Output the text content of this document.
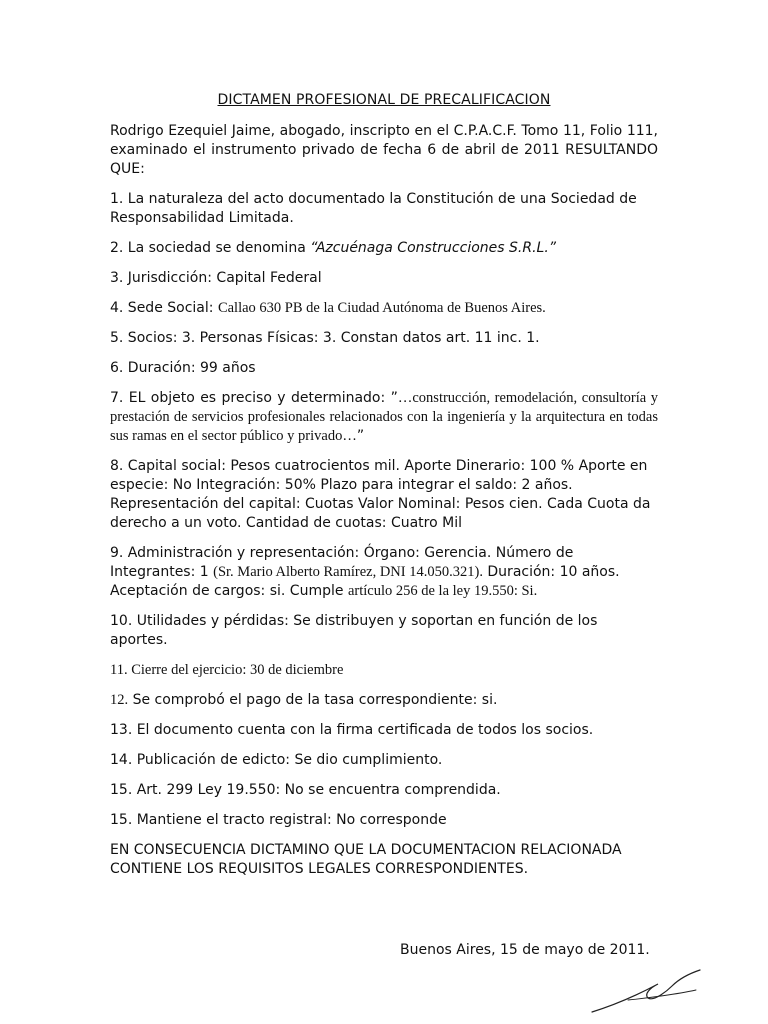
DICTAMEN PROFESIONAL DE PRECALIFICACION

Rodrigo Ezequiel Jaime, abogado, inscripto en el C.P.A.C.F. Tomo 11, Folio 111, examinado el instrumento privado de fecha 6 de abril de 2011 RESULTANDO QUE:

1. La naturaleza del acto documentado la Constitución de una Sociedad de Responsabilidad Limitada.

2. La sociedad se denomina “Azcuénaga Construcciones S.R.L.”

3. Jurisdicción: Capital Federal

4. Sede Social: Callao 630 PB de la Ciudad Autónoma de Buenos Aires.

5. Socios: 3. Personas Físicas: 3. Constan datos art. 11 inc. 1.

6. Duración: 99 años

7. EL objeto es preciso y determinado: ”…construcción, remodelación, consultoría y prestación de servicios profesionales relacionados con la ingeniería y la arquitectura en todas sus ramas en el sector público y privado…”

8. Capital social: Pesos cuatrocientos mil. Aporte Dinerario: 100 % Aporte en especie: No Integración: 50% Plazo para integrar el saldo: 2 años. Representación del capital: Cuotas Valor Nominal: Pesos cien. Cada Cuota da derecho a un voto. Cantidad de cuotas: Cuatro Mil

9. Administración y representación: Órgano: Gerencia. Número de Integrantes: 1 (Sr. Mario Alberto Ramírez, DNI 14.050.321). Duración: 10 años. Aceptación de cargos: si. Cumple artículo 256 de la ley 19.550: Si.

10. Utilidades y pérdidas: Se distribuyen y soportan en función de los aportes.

11. Cierre del ejercicio: 30 de diciembre

12. Se comprobó el pago de la tasa correspondiente: si.

13. El documento cuenta con la firma certificada de todos los socios.

14. Publicación de edicto: Se dio cumplimiento.

15. Art. 299 Ley 19.550: No se encuentra comprendida.

15. Mantiene el tracto registral: No corresponde

EN CONSECUENCIA DICTAMINO QUE LA DOCUMENTACION RELACIONADA

CONTIENE LOS REQUISITOS LEGALES CORRESPONDIENTES.

Buenos Aires, 15 de mayo de 2011.
